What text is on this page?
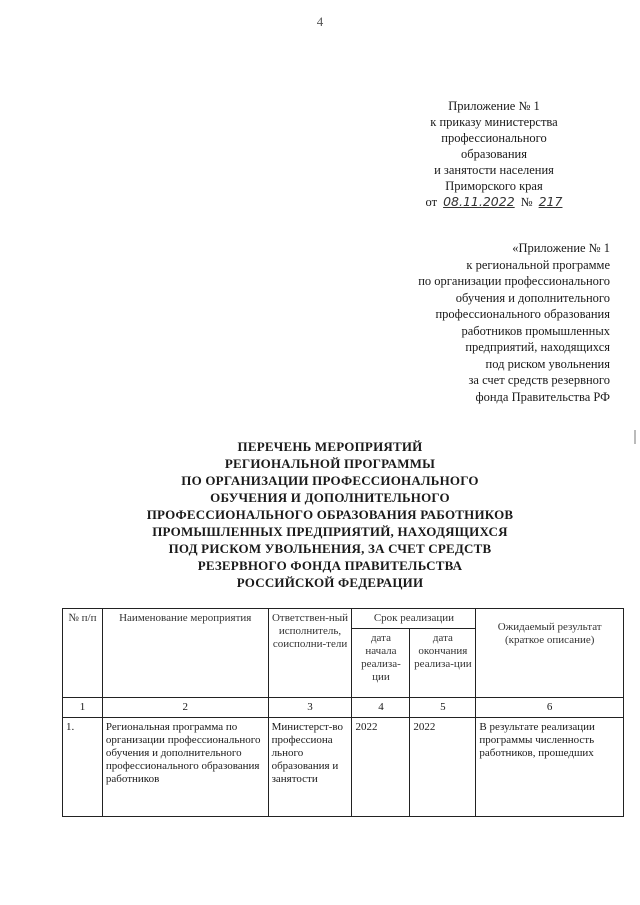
4
Приложение № 1
к приказу министерства
профессионального
образования
и занятости населения
Приморского края
от 08.11.2022 № 217
«Приложение № 1
к региональной программе
по организации профессионального
обучения и дополнительного
профессионального образования
работников промышленных
предприятий, находящихся
под риском увольнения
за счет средств резервного
фонда Правительства РФ
ПЕРЕЧЕНЬ МЕРОПРИЯТИЙ
РЕГИОНАЛЬНОЙ ПРОГРАММЫ
ПО ОРГАНИЗАЦИИ ПРОФЕССИОНАЛЬНОГО
ОБУЧЕНИЯ И ДОПОЛНИТЕЛЬНОГО
ПРОФЕССИОНАЛЬНОГО ОБРАЗОВАНИЯ РАБОТНИКОВ
ПРОМЫШЛЕННЫХ ПРЕДПРИЯТИЙ, НАХОДЯЩИХСЯ
ПОД РИСКОМ УВОЛЬНЕНИЯ, ЗА СЧЕТ СРЕДСТВ
РЕЗЕРВНОГО ФОНДА ПРАВИТЕЛЬСТВА
РОССИЙСКОЙ ФЕДЕРАЦИИ
№ п/п	Наименование мероприятия	Ответствен-ный исполнитель, соисполни-тели	Срок реализации		Ожидаемый результат (краткое описание)
			дата начала реализа-ции	дата окончания реализа-ции	
1	2	3	4	5	6
1.	Региональная программа по организации профессионального обучения и дополнительного профессионального образования работников	Министерст-во профессиона льного образования и занятости	2022	2022	В результате реализации программы численность работников, прошедших
